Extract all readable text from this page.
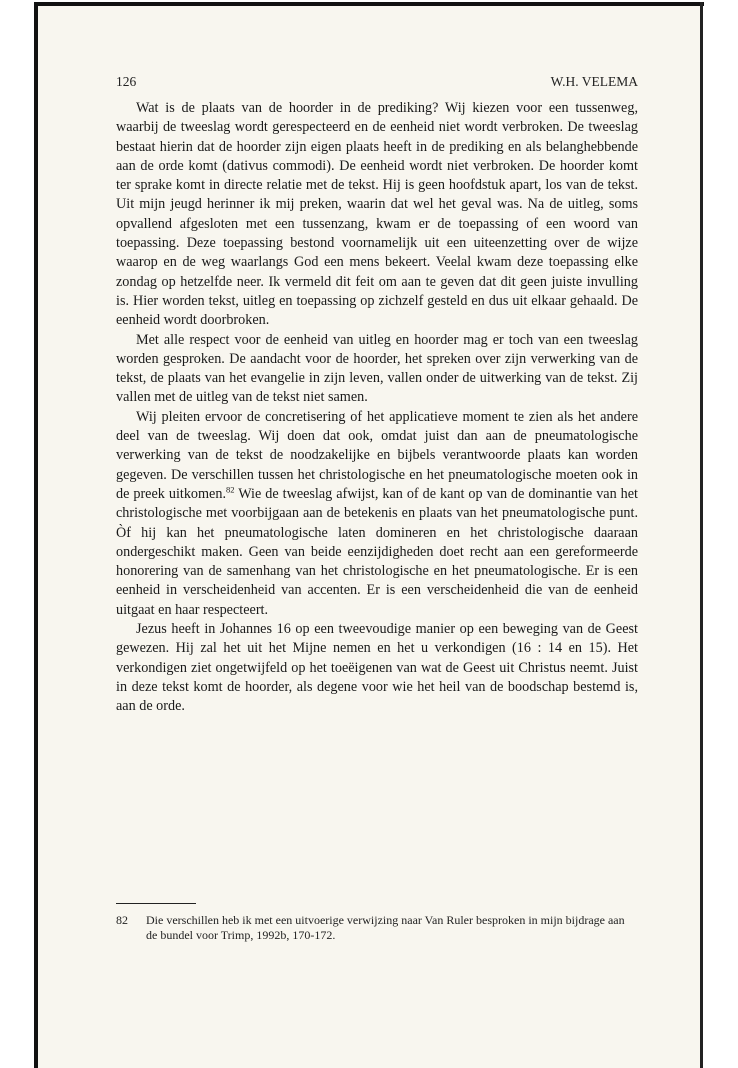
126	W.H. VELEMA

Wat is de plaats van de hoorder in de prediking? Wij kiezen voor een tussenweg, waarbij de tweeslag wordt gerespecteerd en de eenheid niet wordt verbroken. De tweeslag bestaat hierin dat de hoorder zijn eigen plaats heeft in de prediking en als belanghebbende aan de orde komt (dativus commodi). De eenheid wordt niet verbroken. De hoorder komt ter sprake komt in directe relatie met de tekst. Hij is geen hoofdstuk apart, los van de tekst. Uit mijn jeugd herinner ik mij preken, waarin dat wel het geval was. Na de uitleg, soms opvallend afgesloten met een tussenzang, kwam er de toepassing of een woord van toepassing. Deze toepassing bestond voornamelijk uit een uiteenzetting over de wijze waarop en de weg waarlangs God een mens bekeert. Veelal kwam deze toepassing elke zondag op hetzelfde neer. Ik vermeld dit feit om aan te geven dat dit geen juiste invulling is. Hier worden tekst, uitleg en toepassing op zichzelf gesteld en dus uit elkaar gehaald. De eenheid wordt doorbroken.

Met alle respect voor de eenheid van uitleg en hoorder mag er toch van een tweeslag worden gesproken. De aandacht voor de hoorder, het spreken over zijn verwerking van de tekst, de plaats van het evangelie in zijn leven, vallen onder de uitwerking van de tekst. Zij vallen met de uitleg van de tekst niet samen.

Wij pleiten ervoor de concretisering of het applicatieve moment te zien als het andere deel van de tweeslag. Wij doen dat ook, omdat juist dan aan de pneumatologische verwerking van de tekst de noodzakelijke en bijbels verantwoorde plaats kan worden gegeven. De verschillen tussen het christologische en het pneumatologische moeten ook in de preek uitkomen.$^{82}$ Wie de tweeslag afwijst, kan of de kant op van de dominantie van het christologische met voorbijgaan aan de betekenis en plaats van het pneumatologische punt. Òf hij kan het pneumatologische laten domineren en het christologische daaraan ondergeschikt maken. Geen van beide eenzijdigheden doet recht aan een gereformeerde honorering van de samenhang van het christologische en het pneumatologische. Er is een eenheid in verscheidenheid van accenten. Er is een verscheidenheid die van de eenheid uitgaat en haar respecteert.

Jezus heeft in Johannes 16 op een tweevoudige manier op een beweging van de Geest gewezen. Hij zal het uit het Mijne nemen en het u verkondigen (16 : 14 en 15). Het verkondigen ziet ongetwijfeld op het toeëigenen van wat de Geest uit Christus neemt. Juist in deze tekst komt de hoorder, als degene voor wie het heil van de boodschap bestemd is, aan de orde.

82	Die verschillen heb ik met een uitvoerige verwijzing naar Van Ruler besproken in mijn bijdrage aan de bundel voor Trimp, 1992b, 170-172.
